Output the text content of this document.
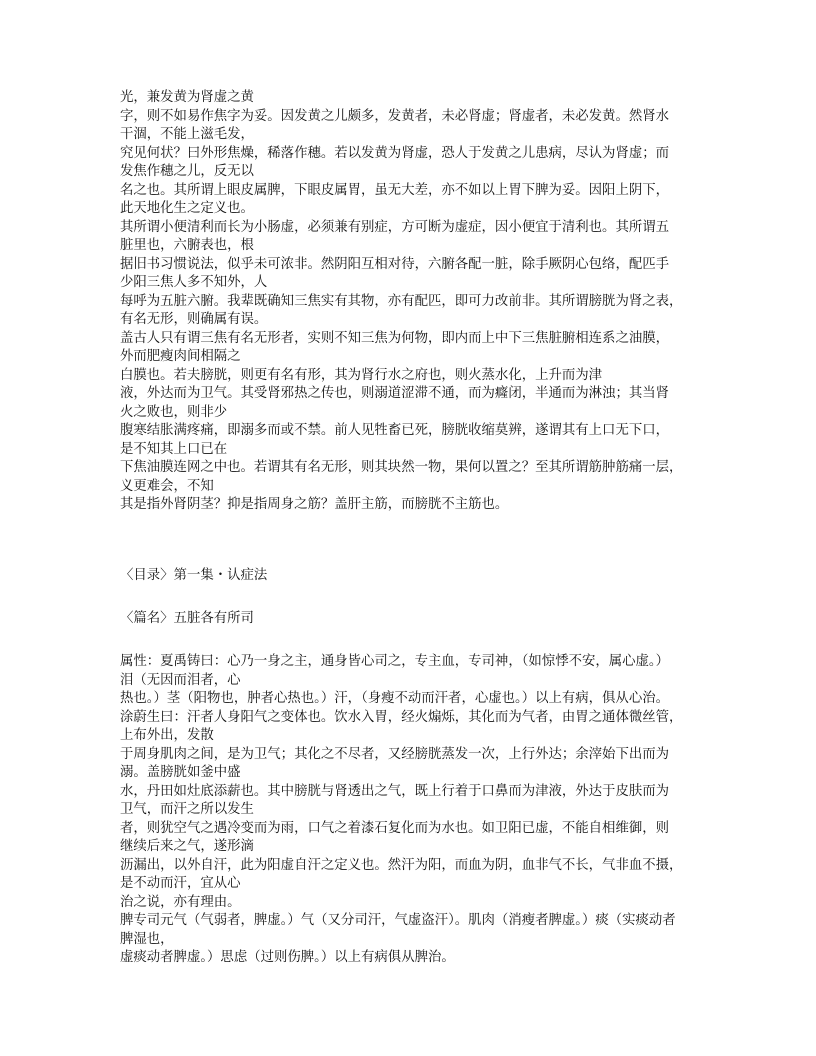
光，兼发黄为肾虚之黄
字，则不如易作焦字为妥。因发黄之儿颇多，发黄者，未必肾虚；肾虚者，未必发黄。然肾水
干涸，不能上滋毛发，
究见何状？曰外形焦燥，稀落作穗。若以发黄为肾虚，恐人于发黄之儿患病，尽认为肾虚；而
发焦作穗之儿，反无以
名之也。其所谓上眼皮属脾，下眼皮属胃，虽无大差，亦不如以上胃下脾为妥。因阳上阴下，
此天地化生之定义也。
其所谓小便清利而长为小肠虚，必须兼有别症，方可断为虚症，因小便宜于清利也。其所谓五
脏里也，六腑表也，根
据旧书习惯说法，似乎未可浓非。然阴阳互相对待，六腑各配一脏，除手厥阴心包络，配匹手
少阳三焦人多不知外，人
每呼为五脏六腑。我辈既确知三焦实有其物，亦有配匹，即可力改前非。其所谓膀胱为肾之表，
有名无形，则确属有误。
盖古人只有谓三焦有名无形者，实则不知三焦为何物，即内而上中下三焦脏腑相连系之油膜，
外而肥瘦肉间相隔之
白膜也。若夫膀胱，则更有名有形，其为肾行水之府也，则火蒸水化，上升而为津
液，外达而为卫气。其受肾邪热之传也，则溺道涩滞不通，而为癃闭，半通而为淋浊；其当肾
火之败也，则非少
腹寒结胀满疼痛，即溺多而或不禁。前人见牲畜已死，膀胱收缩莫辨，遂谓其有上口无下口，
是不知其上口已在
下焦油膜连网之中也。若谓其有名无形，则其块然一物，果何以置之？至其所谓筋肿筋痛一层，
义更难会，不知
其是指外肾阴茎？抑是指周身之筋？盖肝主筋，而膀胱不主筋也。
〈目录〉第一集・认症法
〈篇名〉五脏各有所司
属性：夏禹铸曰：心乃一身之主，通身皆心司之，专主血，专司神，（如惊悸不安，属心虚。）
泪（无因而泪者，心
热也。）茎（阳物也，肿者心热也。）汗，（身瘦不动而汗者，心虚也。）以上有病，俱从心治。
涂蔚生曰：汗者人身阳气之变体也。饮水入胃，经火煽烁，其化而为气者，由胃之通体微丝管，
上布外出，发散
于周身肌肉之间，是为卫气；其化之不尽者，又经膀胱蒸发一次，上行外达；余滓始下出而为
溺。盖膀胱如釜中盛
水，丹田如灶底添薪也。其中膀胱与肾透出之气，既上行着于口鼻而为津液，外达于皮肤而为
卫气，而汗之所以发生
者，则犹空气之遇冷变而为雨，口气之着漆石复化而为水也。如卫阳已虚，不能自相维御，则
继续后来之气，遂形滴
沥漏出，以外自汗，此为阳虚自汗之定义也。然汗为阳，而血为阴，血非气不长，气非血不摄，
是不动而汗，宜从心
治之说，亦有理由。
脾专司元气（气弱者，脾虚。）气（又分司汗，气虚盗汗）。肌肉（消瘦者脾虚。）痰（实痰动者
脾湿也，
虚痰动者脾虚。）思虑（过则伤脾。）以上有病俱从脾治。
